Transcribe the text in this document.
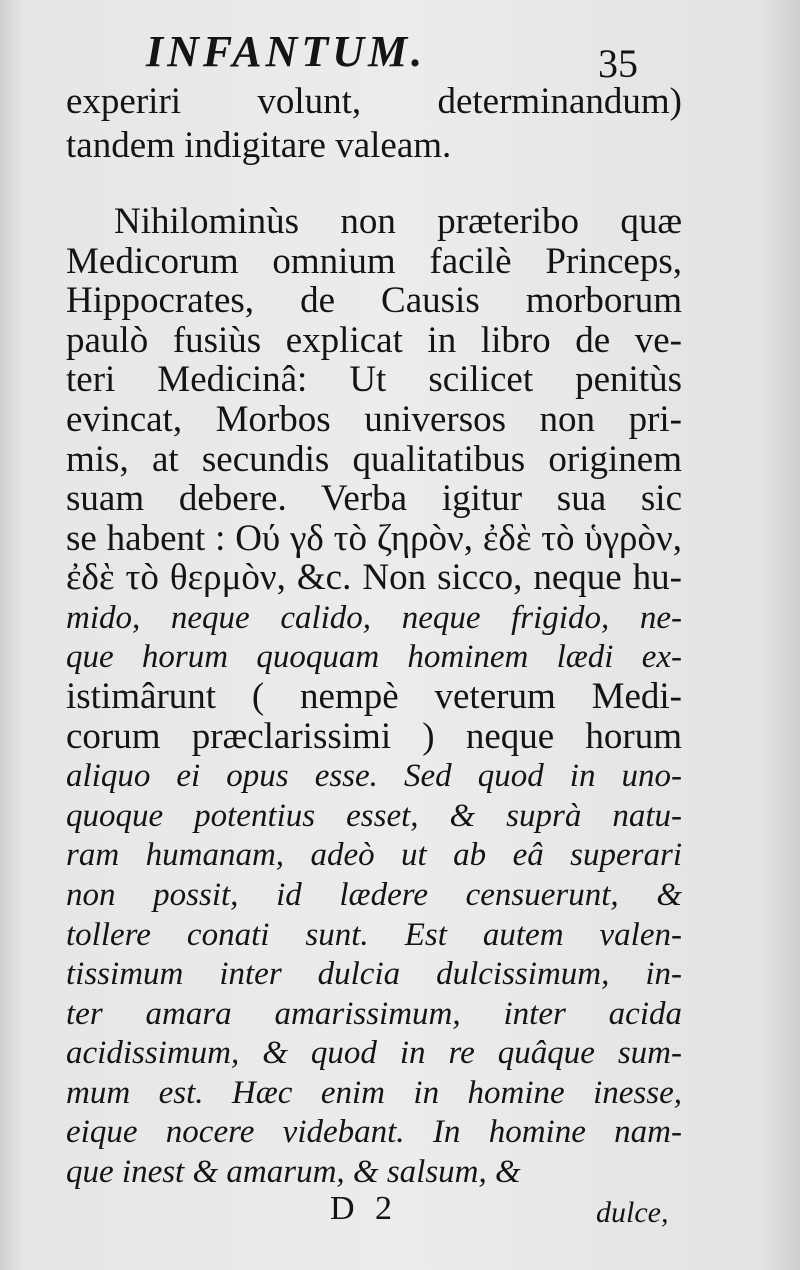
INFANTUM.	35
experiri volunt, determinandum)
tandem indigitare valeam.
Nihilominùs non præteribo quæ
Medicorum omnium facilè Princeps,
Hippocrates, de Causis morborum
paulò fusiùs explicat in libro de ve-
teri Medicinâ: Ut scilicet penitùs
evincat, Morbos universos non pri-
mis, at secundis qualitatibus originem
suam debere. Verba igitur sua sic
se habent : Ού γδ τò ζηρòν, ἐδὲ τò ὑγρòν,
ἐδὲ τò θερμòν, &c. Non sicco, neque hu-
mido, neque calido, neque frigido, ne-
que horum quoquam hominem lædi ex-
istimârunt ( nempè veterum Medi-
corum præclarissimi ) neque horum
aliquo ei opus esse. Sed quod in uno-
quoque potentius esset, & suprà natu-
ram humanam, adeò ut ab eâ superari
non possit, id lædere censuerunt, &
tollere conati sunt. Est autem valen-
tissimum inter dulcia dulcissimum, in-
ter amara amarissimum, inter acida
acidissimum, & quod in re quâque sum-
mum est. Hæc enim in homine inesse,
eique nocere videbant. In homine nam-
que inest & amarum, & salsum, &
D 2	dulce,
